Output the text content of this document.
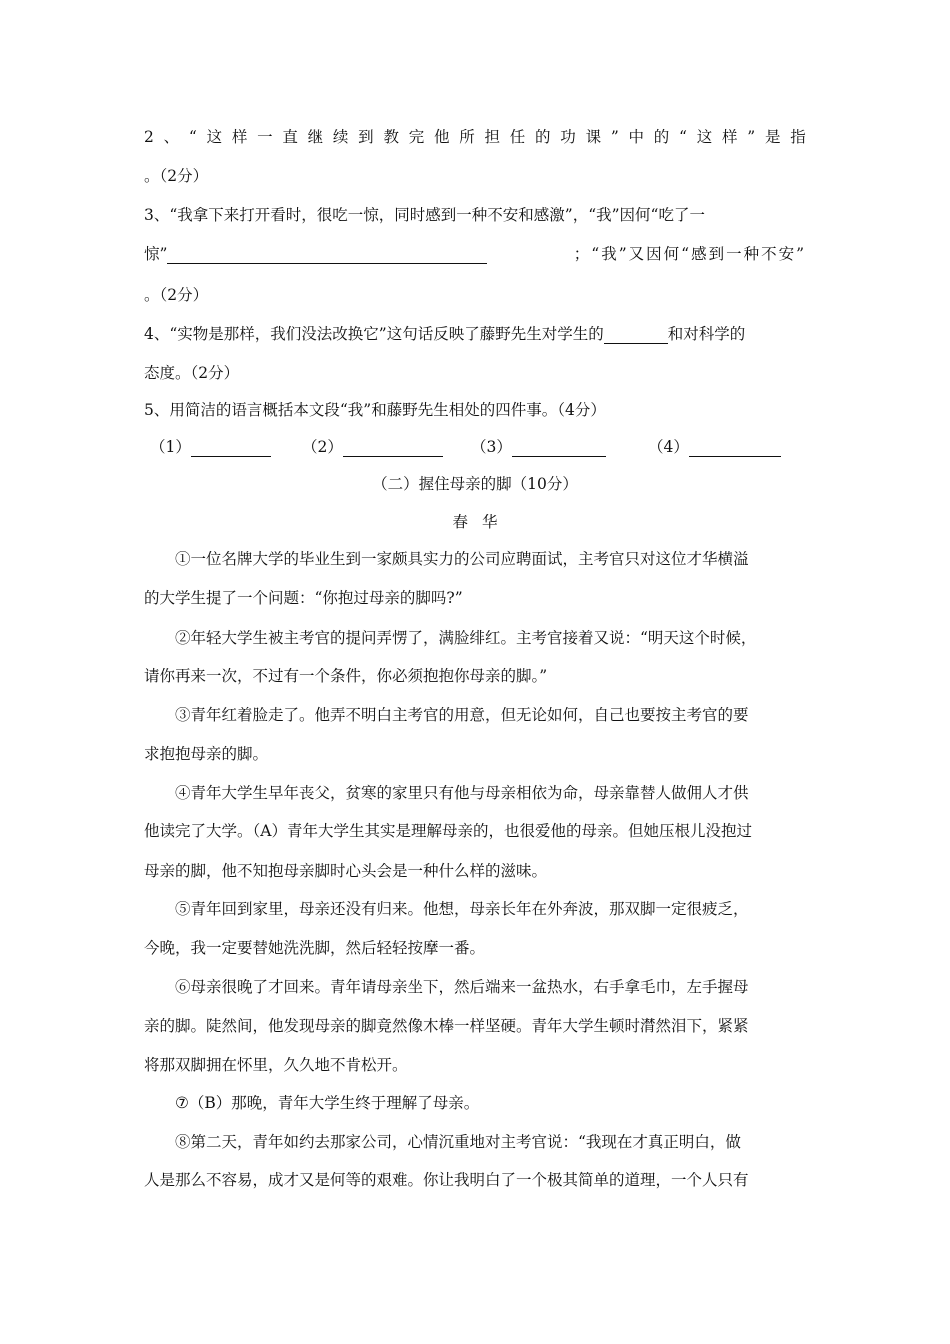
2 、 “ 这 样 一 直 继 续 到 教 完 他 所 担 任 的 功 课 ” 中 的 “ 这 样 ” 是 指
。（2分）
3、“我拿下来打开看时，很吃一惊，同时感到一种不安和感激”，“我”因何“吃了一
惊”	；“我”又因何“感到一种不安”
。（2分）
4、“实物是那样，我们没法改换它”这句话反映了藤野先生对学生的	和对科学的
态度。（2分）
5、用简洁的语言概括本文段“我”和藤野先生相处的四件事。（4分）
（1）	（2）	（3）	（4）
（二）握住母亲的脚（10分）
春华
①一位名牌大学的毕业生到一家颇具实力的公司应聘面试，主考官只对这位才华横溢
的大学生提了一个问题：“你抱过母亲的脚吗?”
②年轻大学生被主考官的提问弄愣了，满脸绯红。主考官接着又说：“明天这个时候，
请你再来一次，不过有一个条件，你必须抱抱你母亲的脚。”
③青年红着脸走了。他弄不明白主考官的用意，但无论如何，自己也要按主考官的要
求抱抱母亲的脚。
④青年大学生早年丧父，贫寒的家里只有他与母亲相依为命，母亲靠替人做佣人才供
他读完了大学。（A）青年大学生其实是理解母亲的，也很爱他的母亲。但她压根儿没抱过
母亲的脚，他不知抱母亲脚时心头会是一种什么样的滋味。
⑤青年回到家里，母亲还没有归来。他想，母亲长年在外奔波，那双脚一定很疲乏，
今晚，我一定要替她洗洗脚，然后轻轻按摩一番。
⑥母亲很晚了才回来。青年请母亲坐下，然后端来一盆热水，右手拿毛巾，左手握母
亲的脚。陡然间，他发现母亲的脚竟然像木棒一样坚硬。青年大学生顿时潸然泪下，紧紧
将那双脚拥在怀里，久久地不肯松开。
⑦（B）那晚，青年大学生终于理解了母亲。
⑧第二天，青年如约去那家公司，心情沉重地对主考官说：“我现在才真正明白，做
人是那么不容易，成才又是何等的艰难。你让我明白了一个极其简单的道理，一个人只有
